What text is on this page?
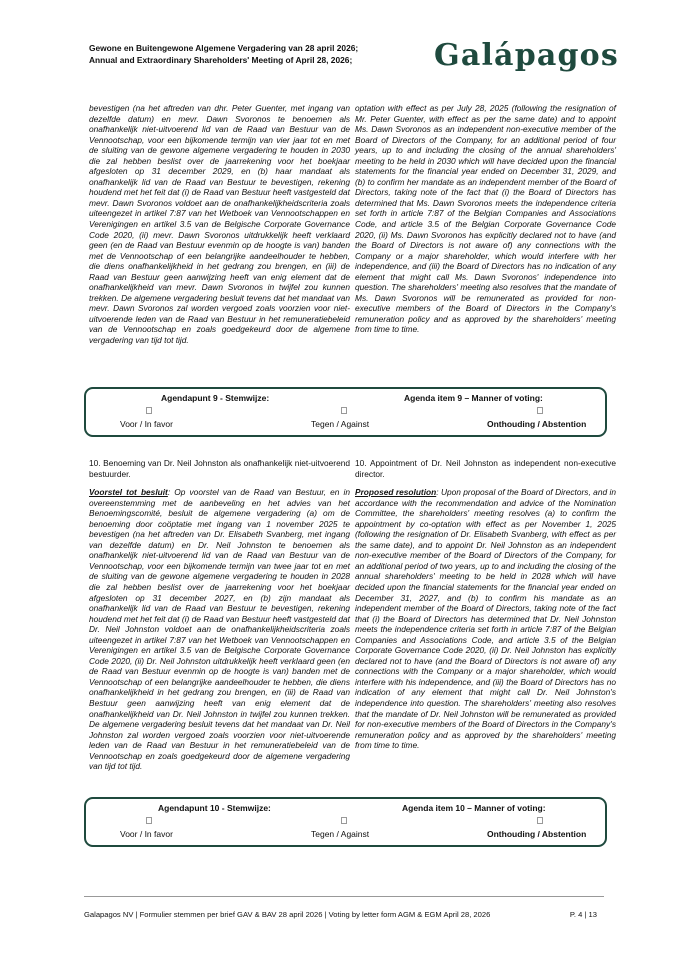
Gewone en Buitengewone Algemene Vergadering van 28 april 2026;
Annual and Extraordinary Shareholders' Meeting of April 28, 2026;	Galápagos

bevestigen (na het aftreden van dhr. Peter Guenter, met ingang van dezelfde datum) en mevr. Dawn Svoronos te benoemen als onafhankelijk niet-uitvoerend lid van de Raad van Bestuur van de Vennootschap, voor een bijkomende termijn van vier jaar tot en met de sluiting van de gewone algemene vergadering te houden in 2030 die zal hebben beslist over de jaarrekening voor het boekjaar afgesloten op 31 december 2029, en (b) haar mandaat als onafhankelijk lid van de Raad van Bestuur te bevestigen, rekening houdend met het feit dat (i) de Raad van Bestuur heeft vastgesteld dat mevr. Dawn Svoronos voldoet aan de onafhankelijkheidscriteria zoals uiteengezet in artikel 7:87 van het Wetboek van Vennootschappen en Verenigingen en artikel 3.5 van de Belgische Corporate Governance Code 2020, (ii) mevr. Dawn Svoronos uitdrukkelijk heeft verklaard geen (en de Raad van Bestuur evenmin op de hoogte is van) banden met de Vennootschap of een belangrijke aandeelhouder te hebben, die diens onafhankelijkheid in het gedrang zou brengen, en (iii) de Raad van Bestuur geen aanwijzing heeft van enig element dat de onafhankelijkheid van mevr. Dawn Svoronos in twijfel zou kunnen trekken. De algemene vergadering besluit tevens dat het mandaat van mevr. Dawn Svoronos zal worden vergoed zoals voorzien voor niet-uitvoerende leden van de Raad van Bestuur in het remuneratiebeleid van de Vennootschap en zoals goedgekeurd door de algemene vergadering van tijd tot tijd.

optation with effect as per July 28, 2025 (following the resignation of Mr. Peter Guenter, with effect as per the same date) and to appoint Ms. Dawn Svoronos as an independent non-executive member of the Board of Directors of the Company, for an additional period of four years, up to and including the closing of the annual shareholders' meeting to be held in 2030 which will have decided upon the financial statements for the financial year ended on December 31, 2029, and (b) to confirm her mandate as an independent member of the Board of Directors, taking note of the fact that (i) the Board of Directors has determined that Ms. Dawn Svoronos meets the independence criteria set forth in article 7:87 of the Belgian Companies and Associations Code, and article 3.5 of the Belgian Corporate Governance Code 2020, (ii) Ms. Dawn Svoronos has explicitly declared not to have (and the Board of Directors is not aware of) any connections with the Company or a major shareholder, which would interfere with her independence, and (iii) the Board of Directors has no indication of any element that might call Ms. Dawn Svoronos' independence into question. The shareholders' meeting also resolves that the mandate of Ms. Dawn Svoronos will be remunerated as provided for non-executive members of the Board of Directors in the Company's remuneration policy and as approved by the shareholders' meeting from time to time.

Agendapunt 9 - Stemwijze:	Agenda item 9 – Manner of voting:
Voor / In favor	Tegen / Against	Onthouding / Abstention

10. Benoeming van Dr. Neil Johnston als onafhankelijk niet-uitvoerend bestuurder.

Voorstel tot besluit: Op voorstel van de Raad van Bestuur, en in overeenstemming met de aanbeveling en het advies van het Benoemingscomité, besluit de algemene vergadering (a) om de benoeming door coöptatie met ingang van 1 november 2025 te bevestigen (na het aftreden van Dr. Elisabeth Svanberg, met ingang van dezelfde datum) en Dr. Neil Johnston te benoemen als onafhankelijk niet-uitvoerend lid van de Raad van Bestuur van de Vennootschap, voor een bijkomende termijn van twee jaar tot en met de sluiting van de gewone algemene vergadering te houden in 2028 die zal hebben beslist over de jaarrekening voor het boekjaar afgesloten op 31 december 2027, en (b) zijn mandaat als onafhankelijk lid van de Raad van Bestuur te bevestigen, rekening houdend met het feit dat (i) de Raad van Bestuur heeft vastgesteld dat Dr. Neil Johnston voldoet aan de onafhankelijkheidscriteria zoals uiteengezet in artikel 7:87 van het Wetboek van Vennootschappen en Verenigingen en artikel 3.5 van de Belgische Corporate Governance Code 2020, (ii) Dr. Neil Johnston uitdrukkelijk heeft verklaard geen (en de Raad van Bestuur evenmin op de hoogte is van) banden met de Vennootschap of een belangrijke aandeelhouder te hebben, die diens onafhankelijkheid in het gedrang zou brengen, en (iii) de Raad van Bestuur geen aanwijzing heeft van enig element dat de onafhankelijkheid van Dr. Neil Johnston in twijfel zou kunnen trekken. De algemene vergadering besluit tevens dat het mandaat van Dr. Neil Johnston zal worden vergoed zoals voorzien voor niet-uitvoerende leden van de Raad van Bestuur in het remuneratiebeleid van de Vennootschap en zoals goedgekeurd door de algemene vergadering van tijd tot tijd.

10. Appointment of Dr. Neil Johnston as independent non-executive director.

Proposed resolution: Upon proposal of the Board of Directors, and in accordance with the recommendation and advice of the Nomination Committee, the shareholders' meeting resolves (a) to confirm the appointment by co-optation with effect as per November 1, 2025 (following the resignation of Dr. Elisabeth Svanberg, with effect as per the same date), and to appoint Dr. Neil Johnston as an independent non-executive member of the Board of Directors of the Company, for an additional period of two years, up to and including the closing of the annual shareholders' meeting to be held in 2028 which will have decided upon the financial statements for the financial year ended on December 31, 2027, and (b) to confirm his mandate as an independent member of the Board of Directors, taking note of the fact that (i) the Board of Directors has determined that Dr. Neil Johnston meets the independence criteria set forth in article 7:87 of the Belgian Companies and Associations Code, and article 3.5 of the Belgian Corporate Governance Code 2020, (ii) Dr. Neil Johnston has explicitly declared not to have (and the Board of Directors is not aware of) any connections with the Company or a major shareholder, which would interfere with his independence, and (iii) the Board of Directors has no indication of any element that might call Dr. Neil Johnston's independence into question. The shareholders' meeting also resolves that the mandate of Dr. Neil Johnston will be remunerated as provided for non-executive members of the Board of Directors in the Company's remuneration policy and as approved by the shareholders' meeting from time to time.

Agendapunt 10 - Stemwijze:	Agenda item 10 – Manner of voting:
Voor / In favor	Tegen / Against	Onthouding / Abstention
Galapagos NV | Formulier stemmen per brief GAV & BAV 28 april 2026 | Voting by letter form AGM & EGM April 28, 2026	P. 4 | 13
